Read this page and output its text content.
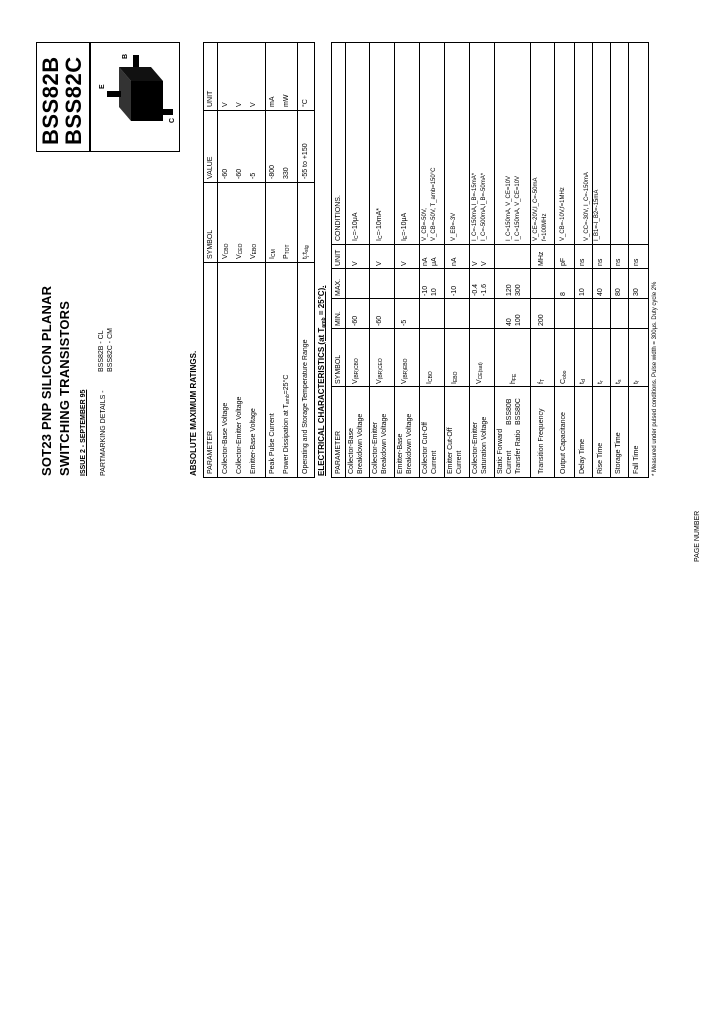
SOT23 PNP SILICON PLANAR SWITCHING TRANSISTORS ISSUE 2 - SEPTEMBER 95
BSS82B
BSS82C E
B
C
PARTMARKING DETAILS -
BSS82B - CL BSS82C - CM
ABSOLUTE MAXIMUM RATINGS. PARAMETER
SYMBOL
VALUE
UNIT
Collector-Base Voltage
$V_{CBO}$
-60
V
Collector-Emitter Voltage
$V_{CEO}$
-60
V
Emitter-Base Voltage
$V_{EBO}$
-5
V
Peak Pulse Current
$I_{CM}$
-800
mA
Power Dissipation at $T_{amb}=25^\circ C$
$P_{TOT}$
330
mW
Operating and Storage Temperature Range
$t_j:t_{stg}$
-55 to +150
°C
ELECTRICAL CHARACTERISTICS (at $T_{amb} = 25^\circ C$).
PARAMETER
SYMBOL
MIN.
MAX.
UNIT
CONDITIONS.
Collector-Base Breakdown Voltage
$V_{(BR)CBO}$
-60
V
$I_C=-10\mu A$
Collector-Emitter Breakdown Voltage
$V_{(BR)CEO}$
-60
V
$I_C=-10mA*$
Emitter-Base Breakdown Voltage
$V_{(BR)EBO}$
-5
V
$I_E=-10\mu A$
Collector Cut-Off Current
$I_{CBO}$
-10 10
nA μA
V_CB=-50V, V_CB=-50V, T_amb=150°C
Emitter Cut-Off Current
$I_{EBO}$
-10
nA
V_EB=-3V
Collector-Emitter Saturation Voltage
$V_{CE(sat)}$
-0.4 -1.6
V V
I_C=-150mA,I_B=-15mA* I_C=-500mA,I_B=-50mA*
Static Forward Current Transfer Ratio
BSS80B BSS80C
$h_{FE}$
40 100
120 300
I_C=150mA, V_CE=10V I_C=150mA, V_CE=10V
Transition Frequency
$f_T$
200
MHz
V_CE=-20V,I_C=-50mA f=100MHz
Output Capacitance
$C_{obo}$
8
pF
V_CB=-10V,f=1MHz
Delay Time
$t_d$
10
ns
V_CC=-30V, I_C=-150mA
Rise Time
$t_r$
40
ns
I_B1=-I_B2=-15mA
Storage Time
$t_s$
80
ns
Fall Time
$t_f$
30
ns
* Measured under pulsed conditions. Pulse width = 300μs. Duty cycle 2%
PAGE NUMBER
